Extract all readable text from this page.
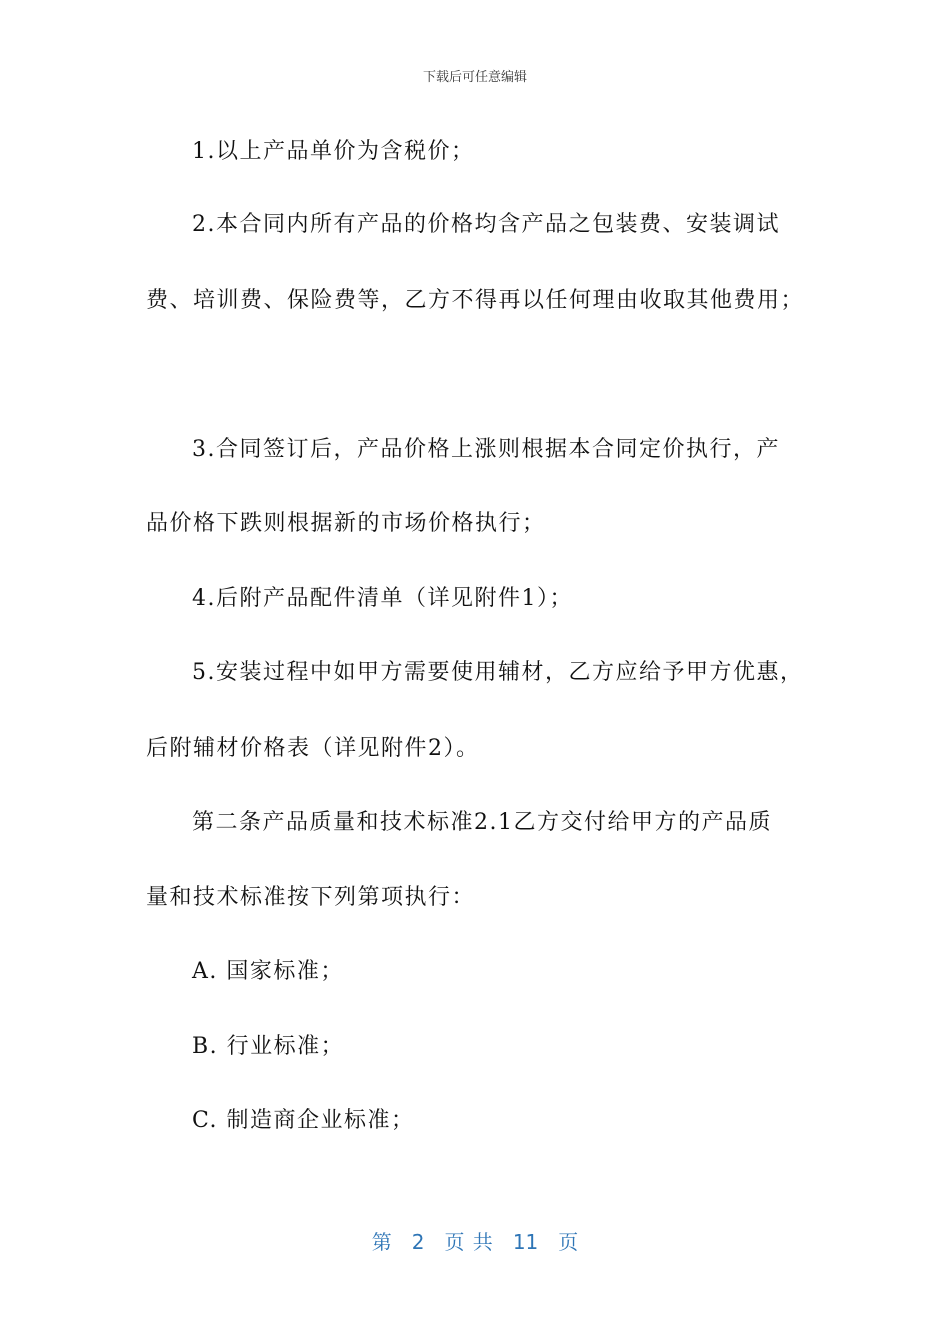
下载后可任意编辑
1.以上产品单价为含税价；
2.本合同内所有产品的价格均含产品之包装费、安装调试
费、培训费、保险费等，乙方不得再以任何理由收取其他费用；
3.合同签订后，产品价格上涨则根据本合同定价执行，产
品价格下跌则根据新的市场价格执行；
4.后附产品配件清单（详见附件1）；
5.安装过程中如甲方需要使用辅材，乙方应给予甲方优惠，
后附辅材价格表（详见附件2）。
第二条产品质量和技术标准2.1乙方交付给甲方的产品质
量和技术标准按下列第项执行：
A. 国家标准；
B. 行业标准；
C. 制造商企业标准；
第 2 页 共 11 页
